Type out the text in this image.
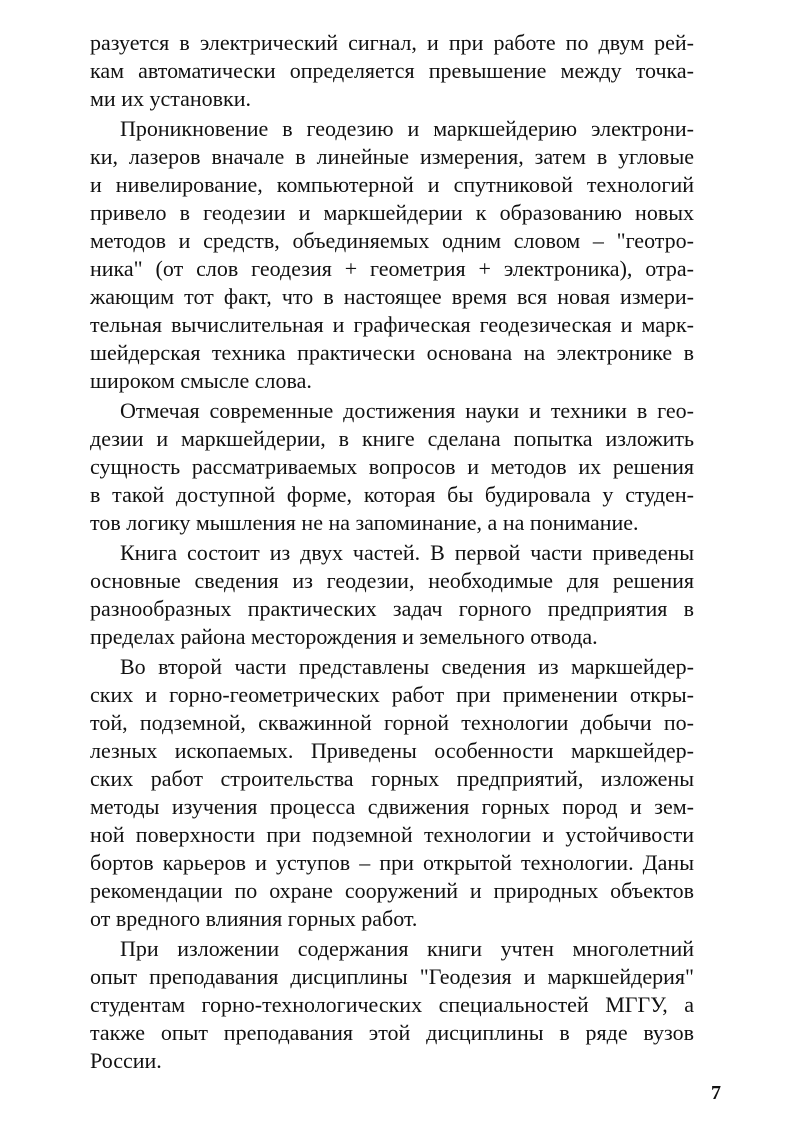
разуется в электрический сигнал, и при работе по двум рей-
кам автоматически определяется превышение между точка-
ми их установки.
Проникновение в геодезию и маркшейдерию электрони-
ки, лазеров вначале в линейные измерения, затем в угловые
и нивелирование, компьютерной и спутниковой технологий
привело в геодезии и маркшейдерии к образованию новых
методов и средств, объединяемых одним словом – "геотро-
ника" (от слов геодезия + геометрия + электроника), отра-
жающим тот факт, что в настоящее время вся новая измери-
тельная вычислительная и графическая геодезическая и марк-
шейдерская техника практически основана на электронике в
широком смысле слова.
Отмечая современные достижения науки и техники в гео-
дезии и маркшейдерии, в книге сделана попытка изложить
сущность рассматриваемых вопросов и методов их решения
в такой доступной форме, которая бы будировала у студен-
тов логику мышления не на запоминание, а на понимание.
Книга состоит из двух частей. В первой части приведены
основные сведения из геодезии, необходимые для решения
разнообразных практических задач горного предприятия в
пределах района месторождения и земельного отвода.
Во второй части представлены сведения из маркшейдер-
ских и горно-геометрических работ при применении откры-
той, подземной, скважинной горной технологии добычи по-
лезных ископаемых. Приведены особенности маркшейдер-
ских работ строительства горных предприятий, изложены
методы изучения процесса сдвижения горных пород и зем-
ной поверхности при подземной технологии и устойчивости
бортов карьеров и уступов – при открытой технологии. Даны
рекомендации по охране сооружений и природных объектов
от вредного влияния горных работ.
При изложении содержания книги учтен многолетний
опыт преподавания дисциплины "Геодезия и маркшейдерия"
студентам горно-технологических специальностей МГГУ, а
также опыт преподавания этой дисциплины в ряде вузов
России.
7
